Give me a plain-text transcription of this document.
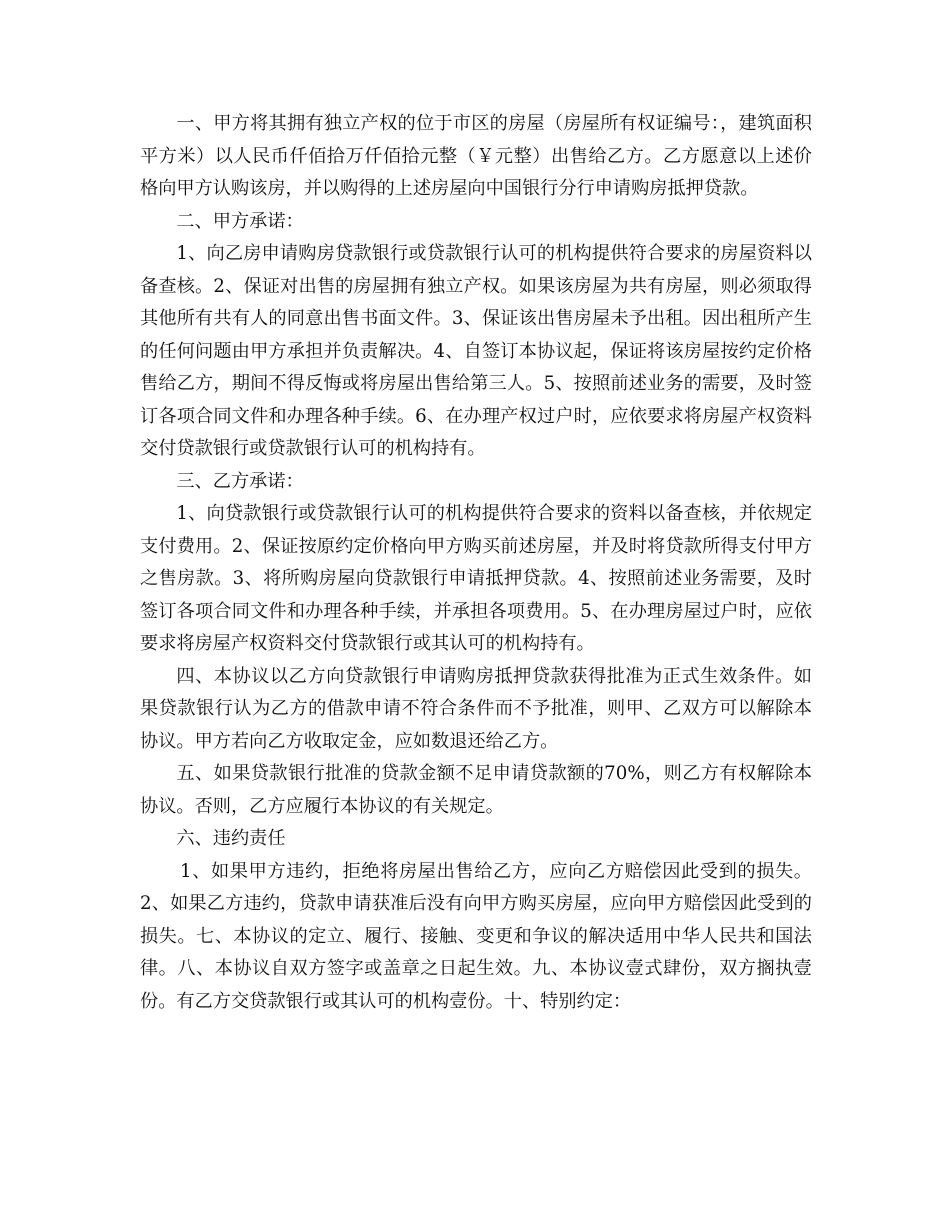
一、甲方将其拥有独立产权的位于市区的房屋（房屋所有权证编号：，建筑面积平方米）以人民币仟佰拾万仟佰拾元整（￥元整）出售给乙方。乙方愿意以上述价格向甲方认购该房，并以购得的上述房屋向中国银行分行申请购房抵押贷款。

二、甲方承诺：

1、向乙房申请购房贷款银行或贷款银行认可的机构提供符合要求的房屋资料以备查核。2、保证对出售的房屋拥有独立产权。如果该房屋为共有房屋，则必须取得其他所有共有人的同意出售书面文件。3、保证该出售房屋未予出租。因出租所产生的任何问题由甲方承担并负责解决。4、自签订本协议起，保证将该房屋按约定价格售给乙方，期间不得反悔或将房屋出售给第三人。5、按照前述业务的需要，及时签订各项合同文件和办理各种手续。6、在办理产权过户时，应依要求将房屋产权资料交付贷款银行或贷款银行认可的机构持有。

三、乙方承诺：

1、向贷款银行或贷款银行认可的机构提供符合要求的资料以备查核，并依规定支付费用。2、保证按原约定价格向甲方购买前述房屋，并及时将贷款所得支付甲方之售房款。3、将所购房屋向贷款银行申请抵押贷款。4、按照前述业务需要，及时签订各项合同文件和办理各种手续，并承担各项费用。5、在办理房屋过户时，应依要求将房屋产权资料交付贷款银行或其认可的机构持有。

四、本协议以乙方向贷款银行申请购房抵押贷款获得批准为正式生效条件。如果贷款银行认为乙方的借款申请不符合条件而不予批准，则甲、乙双方可以解除本协议。甲方若向乙方收取定金，应如数退还给乙方。

五、如果贷款银行批准的贷款金额不足申请贷款额的70%，则乙方有权解除本协议。否则，乙方应履行本协议的有关规定。

六、违约责任

1、如果甲方违约，拒绝将房屋出售给乙方，应向乙方赔偿因此受到的损失。2、如果乙方违约，贷款申请获准后没有向甲方购买房屋，应向甲方赔偿因此受到的损失。七、本协议的定立、履行、接触、变更和争议的解决适用中华人民共和国法律。八、本协议自双方签字或盖章之日起生效。九、本协议壹式肆份，双方搁执壹份。有乙方交贷款银行或其认可的机构壹份。十、特别约定：
